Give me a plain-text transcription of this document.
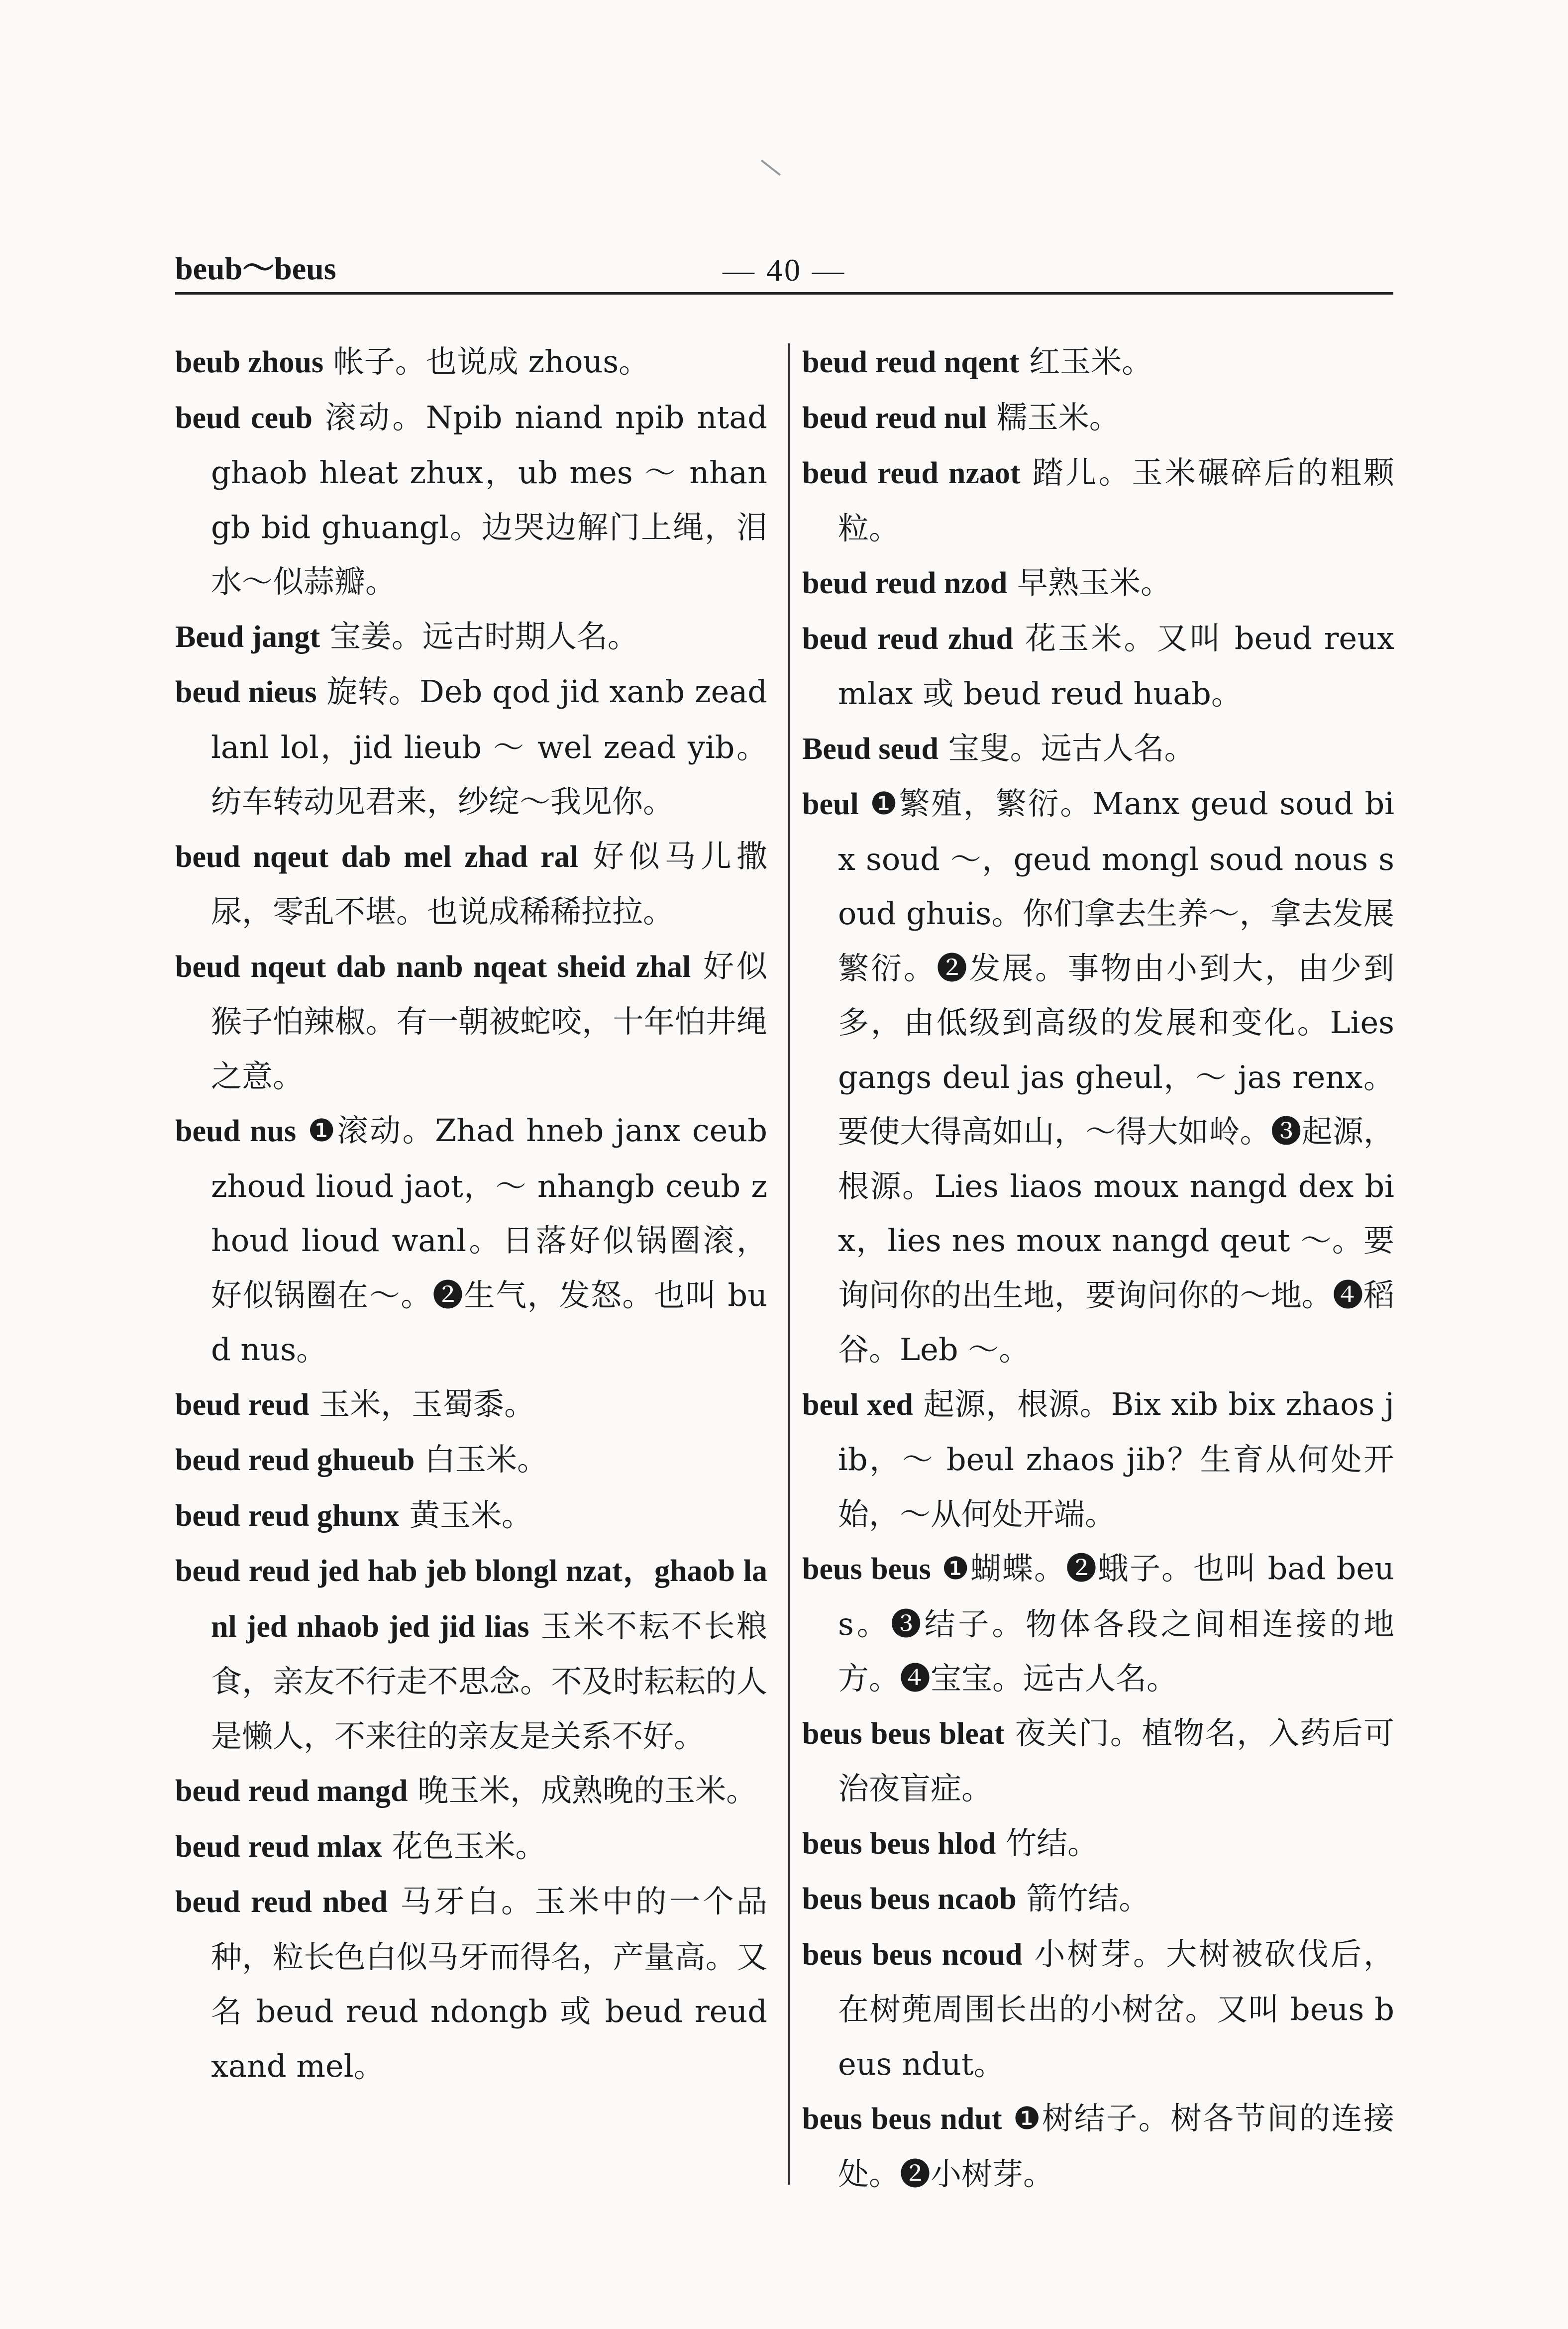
beub～beus	— 40 —

beub zhous 帐子。也说成 zhous。

beud ceub 滚动。Npib niand npib ntad ghaob hleat zhux，ub mes ～ nhangb bid ghuangl。边哭边解门上绳，泪水～似蒜瓣。

Beud jangt 宝姜。远古时期人名。

beud nieus 旋转。Deb qod jid xanb zead lanl lol，jid lieub ～ wel zead yib。纺车转动见君来，纱绽～我见你。

beud nqeut dab mel zhad ral 好似马儿撒尿，零乱不堪。也说成稀稀拉拉。

beud nqeut dab nanb nqeat sheid zhal 好似猴子怕辣椒。有一朝被蛇咬，十年怕井绳之意。

beud nus ❶滚动。Zhad hneb janx ceub zhoud lioud jaot，～ nhangb ceub zhoud lioud wanl。日落好似锅圈滚，好似锅圈在～。❷生气，发怒。也叫 bud nus。

beud reud 玉米，玉蜀黍。

beud reud ghueub 白玉米。

beud reud ghunx 黄玉米。

beud reud jed hab jeb blongl nzat，ghaob lanl jed nhaob jed jid lias 玉米不耘不长粮食，亲友不行走不思念。不及时耘耘的人是懒人，不来往的亲友是关系不好。

beud reud mangd 晚玉米，成熟晚的玉米。

beud reud mlax 花色玉米。

beud reud nbed 马牙白。玉米中的一个品种，粒长色白似马牙而得名，产量高。又名 beud reud ndongb 或 beud reud xand mel。

beud reud nqent 红玉米。

beud reud nul 糯玉米。

beud reud nzaot 踏儿。玉米碾碎后的粗颗粒。

beud reud nzod 早熟玉米。

beud reud zhud 花玉米。又叫 beud reux mlax 或 beud reud huab。

Beud seud 宝叟。远古人名。

beul ❶繁殖，繁衍。Manx geud soud bix soud ～，geud mongl soud nous soud ghuis。你们拿去生养～，拿去发展繁衍。❷发展。事物由小到大，由少到多，由低级到高级的发展和变化。Lies gangs deul jas gheul，～ jas renx。要使大得高如山，～得大如岭。❸起源，根源。Lies liaos moux nangd dex bix，lies nes moux nangd qeut ～。要询问你的出生地，要询问你的～地。❹稻谷。Leb ～。

beul xed 起源，根源。Bix xib bix zhaos jib，～ beul zhaos jib？生育从何处开始，～从何处开端。

beus beus ❶蝴蝶。❷蛾子。也叫 bad beus。❸结子。物体各段之间相连接的地方。❹宝宝。远古人名。

beus beus bleat 夜关门。植物名，入药后可治夜盲症。

beus beus hlod 竹结。

beus beus ncaob 箭竹结。

beus beus ncoud 小树芽。大树被砍伐后，在树蔸周围长出的小树岔。又叫 beus beus ndut。

beus beus ndut ❶树结子。树各节间的连接处。❷小树芽。
